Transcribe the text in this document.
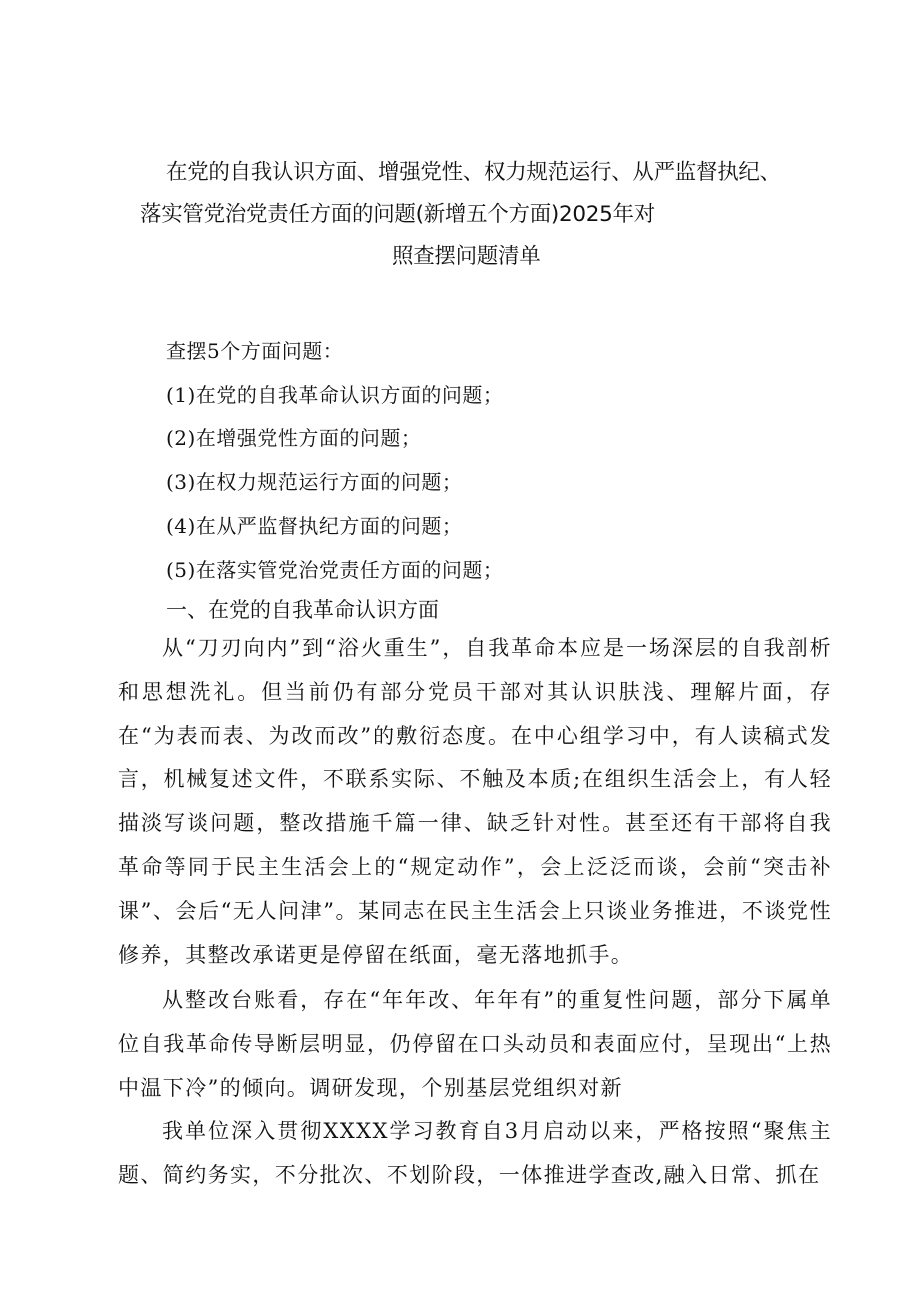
在党的自我认识方面、增强党性、权力规范运行、从严监督执纪、
落实管党治党责任方面的问题(新增五个方面)2025年对
照查摆问题清单
查摆5个方面问题：
(1)在党的自我革命认识方面的问题；
(2)在增强党性方面的问题；
(3)在权力规范运行方面的问题；
(4)在从严监督执纪方面的问题；
(5)在落实管党治党责任方面的问题；
一、在党的自我革命认识方面
从“刀刃向内”到“浴火重生”，自我革命本应是一场深层的自我剖析和思想洗礼。但当前仍有部分党员干部对其认识肤浅、理解片面，存在“为表而表、为改而改”的敷衍态度。在中心组学习中，有人读稿式发言，机械复述文件，不联系实际、不触及本质;在组织生活会上，有人轻描淡写谈问题，整改措施千篇一律、缺乏针对性。甚至还有干部将自我革命等同于民主生活会上的“规定动作”，会上泛泛而谈，会前“突击补课”、会后“无人问津”。某同志在民主生活会上只谈业务推进，不谈党性修养，其整改承诺更是停留在纸面，毫无落地抓手。
从整改台账看，存在“年年改、年年有”的重复性问题，部分下属单位自我革命传导断层明显，仍停留在口头动员和表面应付，呈现出“上热中温下冷”的倾向。调研发现，个别基层党组织对新
我单位深入贯彻XXXX学习教育自3月启动以来，严格按照“聚焦主题、简约务实，不分批次、不划阶段，一体推进学查改,融入日常、抓在
